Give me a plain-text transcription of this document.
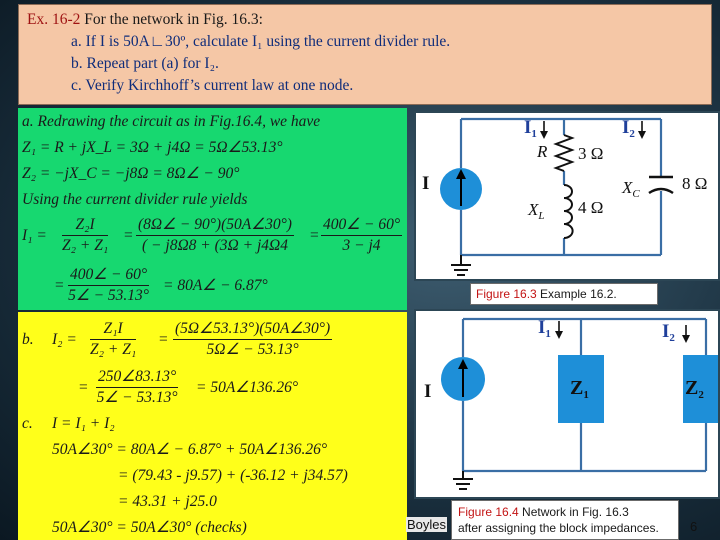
Ex. 16-2 For the network in Fig. 16.3:
a. If I is 50A∟30º, calculate I₁ using the current divider rule.
b. Repeat part (a) for I₂.
c. Verify Kirchhoff’s current law at one node.
a. Redrawing the circuit as in Fig.16.4, we have
Z₁ = R + jX_L = 3Ω + j4Ω = 5Ω∠53.13°
Z₂ = −jX_C = −j8Ω = 8Ω∠ − 90°
Using the current divider rule yields
$I_1 = \frac{\text{Z₂I}}{\text{Z₂ + Z₁}} = \frac{(8\Omega\angle - 90^\circ)(50A\angle 30^\circ)}{( - j8\Omega 8 + (3\Omega + j4\Omega 4} = \frac{400\angle - 60^\circ}{3 - j4}$
= $\frac{400\angle - 60^\circ}{5\angle - 53.13^\circ}$ = 80A∠ − 6.87°
b. $I_2 = \frac{\text{Z₁I}}{\text{Z₂ + Z₁}} = \frac{(5\Omega\angle 53.13^\circ)(50A\angle 30^\circ)}{5\Omega\angle - 53.13^\circ}$
= $\frac{250\angle 83.13^\circ}{5\angle - 53.13^\circ}$ = 50A∠136.26°
c. I = I₁ + I₂
50A∠30° = 80A∠ − 6.87° + 50A∠136.26°
= (79.43 - j9.57) + (-36.12 + j34.57)
= 43.31 + j25.0
50A∠30° = 50A∠30° (checks)
I
$I_1$	$I_2$
R 3 Ω
$X_L$ 4 Ω
$X_C$
8 Ω
Figure 16.3 Example 16.2.
I
$I_1$	$I_2$
$Z_1$	$Z_2$
Figure 16.4 Network in Fig. 16.3
after assigning the block impedances.
Boyles	6
